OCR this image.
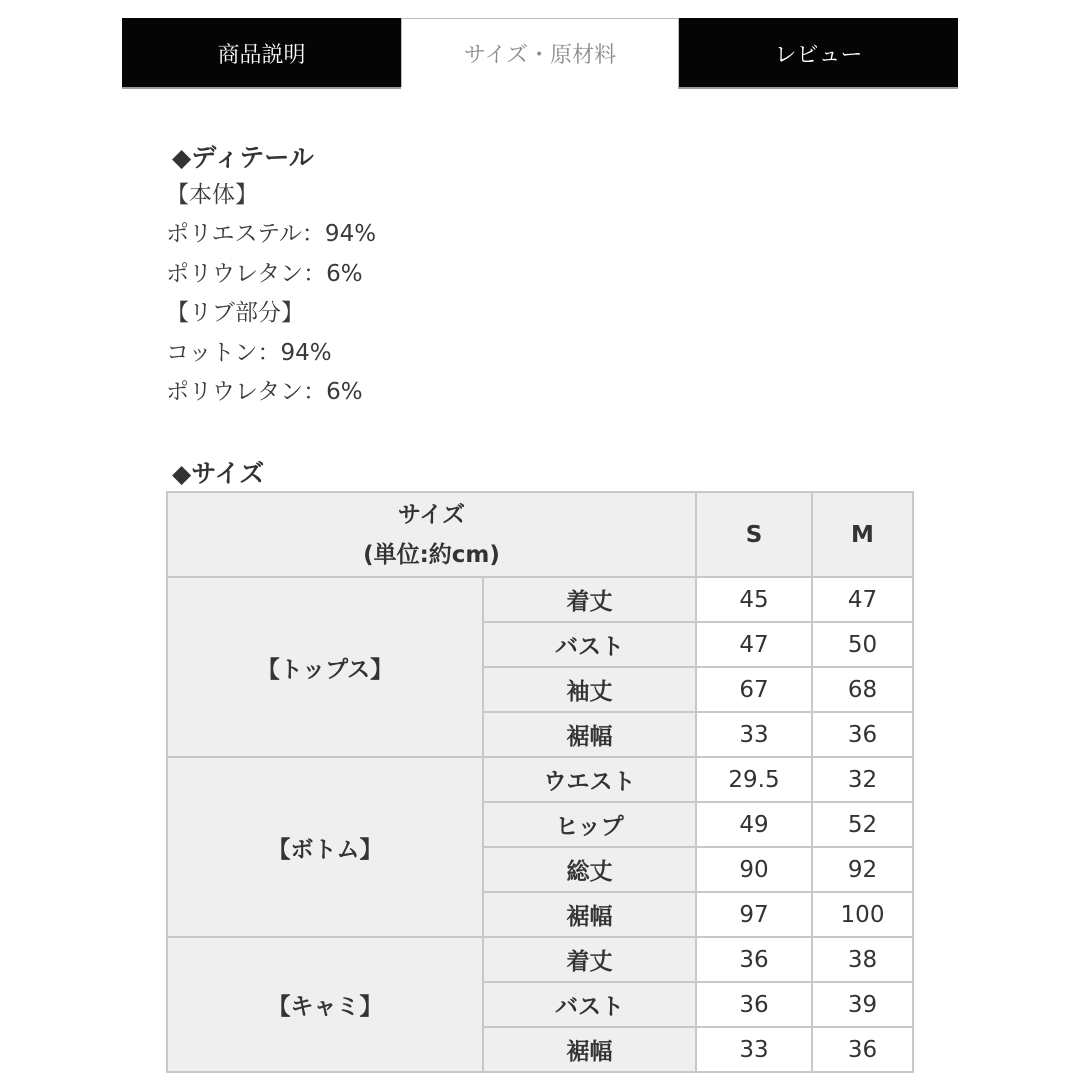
商品説明	サイズ・原材料	レビュー
◆ディテール
【本体】
ポリエステル：94%
ポリウレタン：6%
【リブ部分】
コットン：94%
ポリウレタン：6%
◆サイズ
サイズ
(単位:約cm)		S	M
【トップス】	着丈	45	47
	バスト	47	50
	袖丈	67	68
	裾幅	33	36
【ボトム】	ウエスト	29.5	32
	ヒップ	49	52
	総丈	90	92
	裾幅	97	100
【キャミ】	着丈	36	38
	バスト	36	39
	裾幅	33	36
